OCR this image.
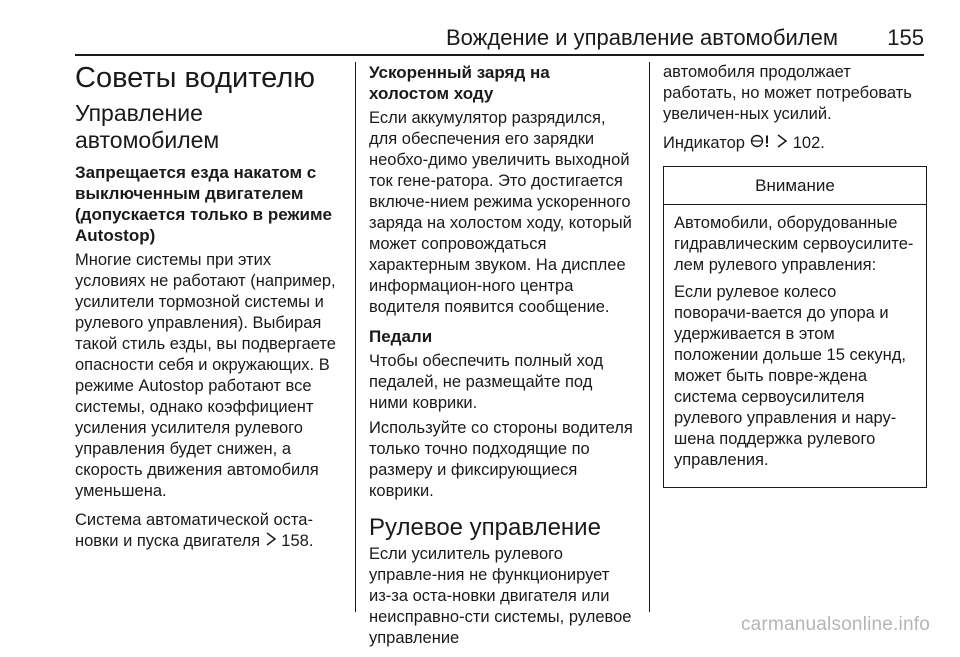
Вождение и управление автомобилем 155
Советы водителю
Управление автомобилем
Запрещается езда накатом с выключенным двигателем (допускается только в режиме Autostop)

Многие системы при этих условиях не работают (например, усилители тормозной системы и рулевого управления). Выбирая такой стиль езды, вы подвергаете опасности себя и окружающих. В режиме Autostop работают все системы, однако коэффициент усиления усилителя рулевого управления будет снижен, а скорость движения автомобиля уменьшена.

Система автоматической оста-новки и пуска двигателя 158.

Ускоренный заряд на холостом ходу

Если аккумулятор разрядился, для обеспечения его зарядки необхо-димо увеличить выходной ток гене-ратора. Это достигается включе-нием режима ускоренного заряда на холостом ходу, который может сопровождаться характерным звуком. На дисплее информацион-ного центра водителя появится сообщение.

Педали

Чтобы обеспечить полный ход педалей, не размещайте под ними коврики.

Используйте со стороны водителя только точно подходящие по размеру и фиксирующиеся коврики.

Рулевое управление

Если усилитель рулевого управле-ния не функционирует из-за оста-новки двигателя или неисправно-сти системы, рулевое управление

автомобиля продолжает работать, но может потребовать увеличен-ных усилий.

Индикатор	102.

Внимание

Автомобили, оборудованные гидравлическим сервоусилите-лем рулевого управления:

Если рулевое колесо поворачи-вается до упора и удерживается в этом положении дольше 15 секунд, может быть повре-ждена система сервоусилителя рулевого управления и нару-шена поддержка рулевого управления.

carmanualsonline.info
